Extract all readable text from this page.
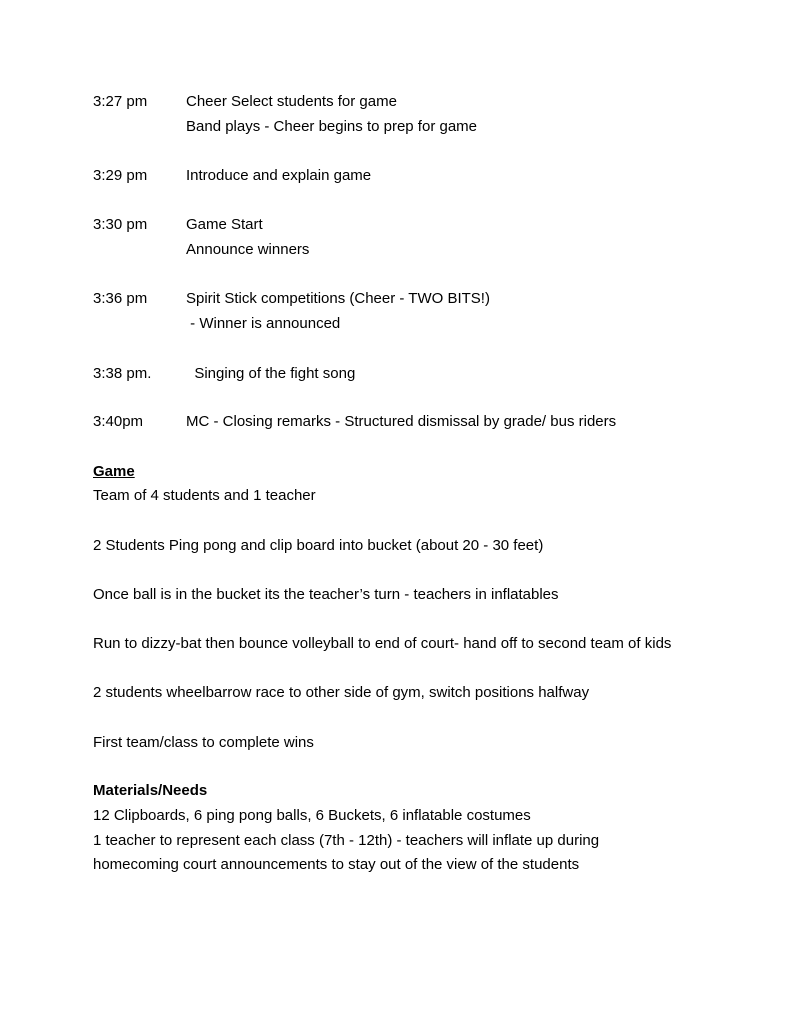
3:27 pm	Cheer Select students for game
Band plays - Cheer begins to prep for game
3:29 pm	Introduce and explain game
3:30 pm	Game Start
Announce winners
3:36 pm	Spirit Stick competitions (Cheer - TWO BITS!)
- Winner is announced
3:38 pm. Singing of the fight song
3:40pm	MC - Closing remarks - Structured dismissal by grade/ bus riders
Game
Team of 4 students and 1 teacher
2 Students Ping pong and clip board into bucket (about 20 - 30 feet)
Once ball is in the bucket its the teacher’s turn - teachers in inflatables
Run to dizzy-bat then bounce volleyball to end of court- hand off to second team of kids
2 students wheelbarrow race to other side of gym, switch positions halfway
First team/class to complete wins
Materials/Needs
12 Clipboards, 6 ping pong balls, 6 Buckets, 6 inflatable costumes
1 teacher to represent each class (7th - 12th) - teachers will inflate up during
homecoming court announcements to stay out of the view of the students
